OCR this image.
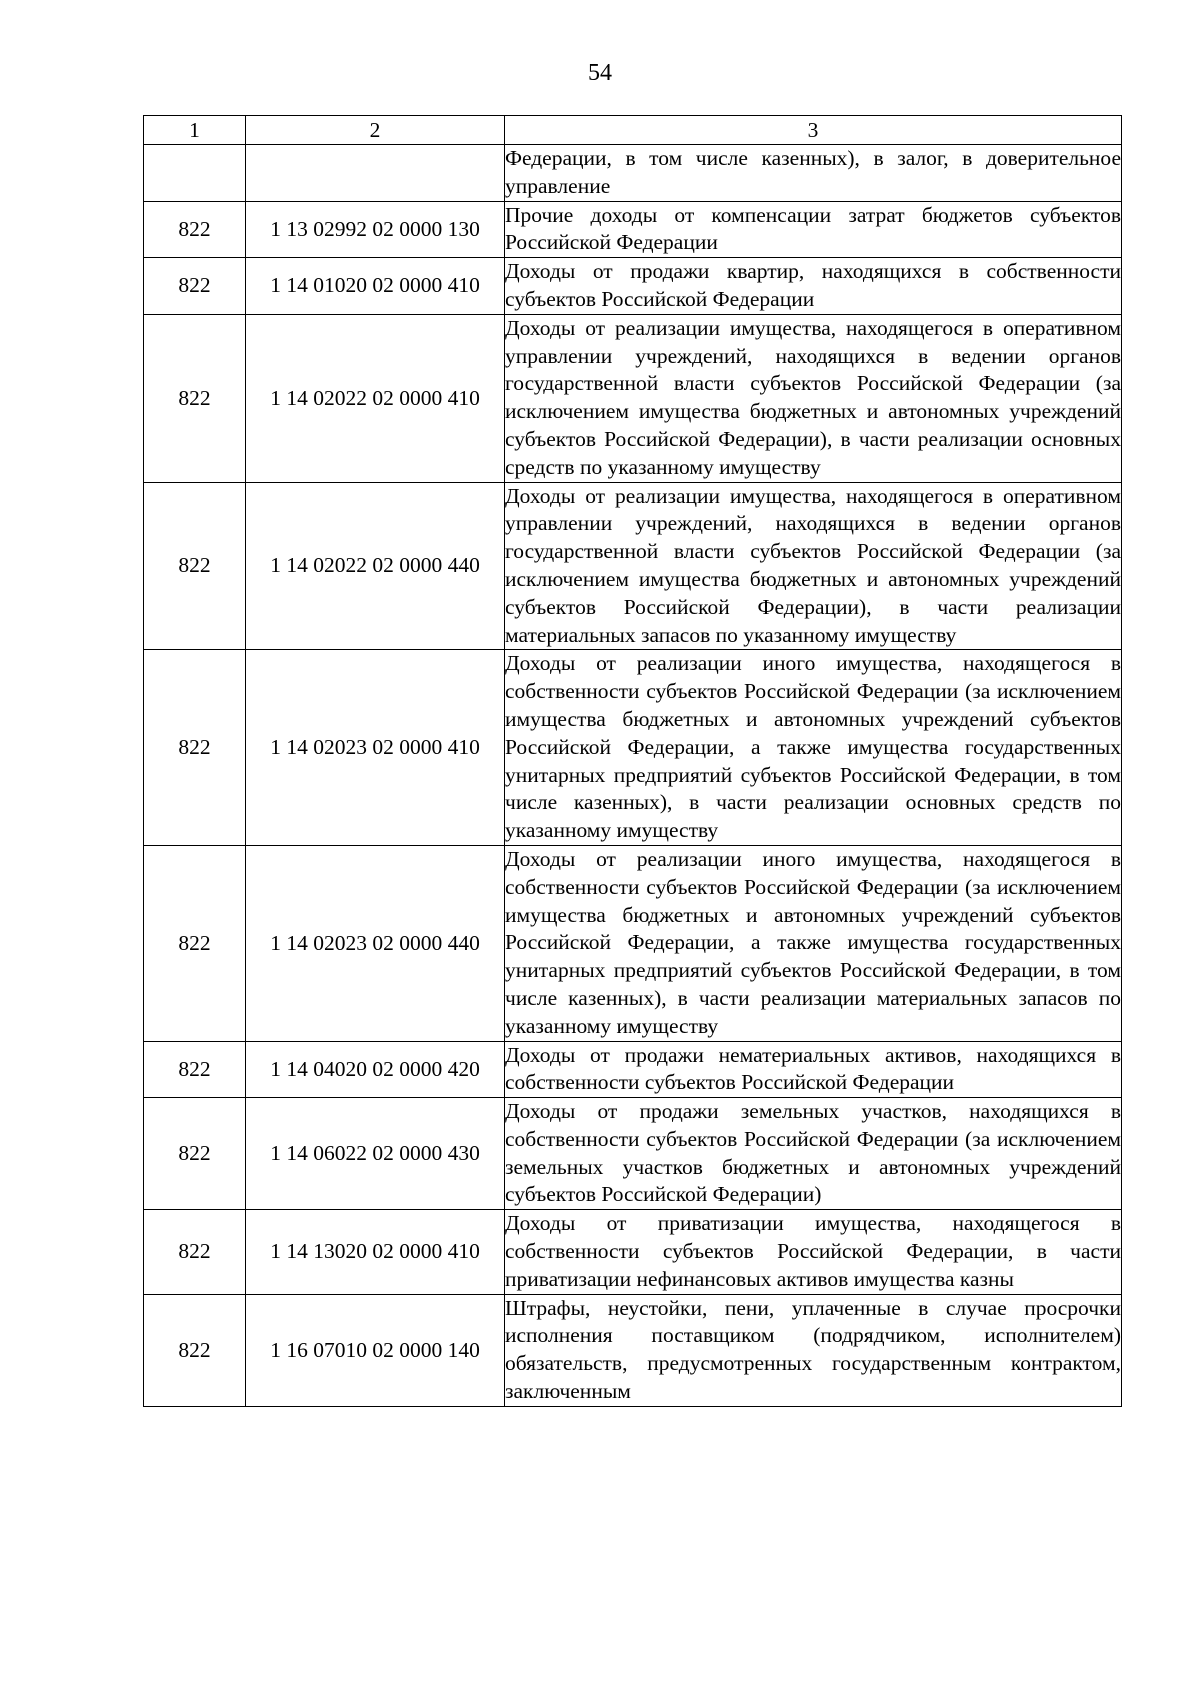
54
1	2	3
		Федерации, в том числе казенных), в залог, в доверительное управление
822	1 13 02992 02 0000 130	Прочие доходы от компенсации затрат бюджетов субъектов Российской Федерации
822	1 14 01020 02 0000 410	Доходы от продажи квартир, находящихся в собственности субъектов Российской Федерации
822	1 14 02022 02 0000 410	Доходы от реализации имущества, находящегося в оперативном управлении учреждений, находящихся в ведении органов государственной власти субъектов Российской Федерации (за исключением имущества бюджетных и автономных учреждений субъектов Российской Федерации), в части реализации основных средств по указанному имуществу
822	1 14 02022 02 0000 440	Доходы от реализации имущества, находящегося в оперативном управлении учреждений, находящихся в ведении органов государственной власти субъектов Российской Федерации (за исключением имущества бюджетных и автономных учреждений субъектов Российской Федерации), в части реализации материальных запасов по указанному имуществу
822	1 14 02023 02 0000 410	Доходы от реализации иного имущества, находящегося в собственности субъектов Российской Федерации (за исключением имущества бюджетных и автономных учреждений субъектов Российской Федерации, а также имущества государственных унитарных предприятий субъектов Российской Федерации, в том числе казенных), в части реализации основных средств по указанному имуществу
822	1 14 02023 02 0000 440	Доходы от реализации иного имущества, находящегося в собственности субъектов Российской Федерации (за исключением имущества бюджетных и автономных учреждений субъектов Российской Федерации, а также имущества государственных унитарных предприятий субъектов Российской Федерации, в том числе казенных), в части реализации материальных запасов по указанному имуществу
822	1 14 04020 02 0000 420	Доходы от продажи нематериальных активов, находящихся в собственности субъектов Российской Федерации
822	1 14 06022 02 0000 430	Доходы от продажи земельных участков, находящихся в собственности субъектов Российской Федерации (за исключением земельных участков бюджетных и автономных учреждений субъектов Российской Федерации)
822	1 14 13020 02 0000 410	Доходы от приватизации имущества, находящегося в собственности субъектов Российской Федерации, в части приватизации нефинансовых активов имущества казны
822	1 16 07010 02 0000 140	Штрафы, неустойки, пени, уплаченные в случае просрочки исполнения поставщиком (подрядчиком, исполнителем) обязательств, предусмотренных государственным контрактом, заключенным
